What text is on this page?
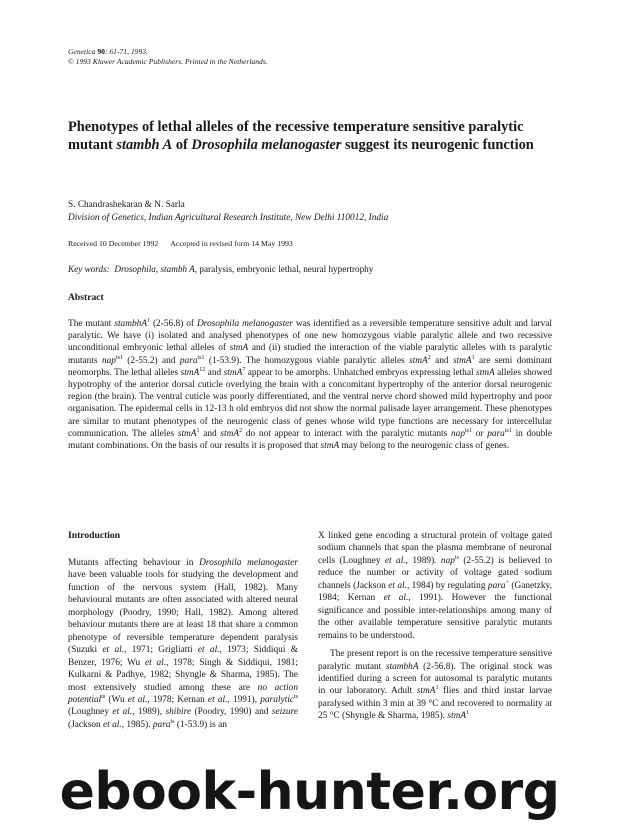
Genetica 90: 61-71, 1993.
© 1993 Kluwer Academic Publishers. Printed in the Netherlands.
Phenotypes of lethal alleles of the recessive temperature sensitive paralytic mutant stambh A of Drosophila melanogaster suggest its neurogenic function
S. Chandrashekaran & N. Sarla
Division of Genetics, Indian Agricultural Research Institute, New Delhi 110012, India
Received 10 December 1992 Accepted in revised form 14 May 1993
Key words: Drosophila, stambh A, paralysis, embryonic lethal, neural hypertrophy
Abstract
The mutant stambhA$^1$ (2-56.8) of Drosophila melanogaster was identified as a reversible temperature sensitive adult and larval paralytic. We have (i) isolated and analysed phenotypes of one new homozygous viable paralytic allele and two recessive unconditional embryonic lethal alleles of stmA and (ii) studied the interaction of the viable paralytic alleles with ts paralytic mutants nap$^{ts1}$ (2-55.2) and para$^{ts1}$ (1-53.9). The homozygous viable paralytic alleles stmA$^2$ and stmA$^1$ are semi dominant neomorphs. The lethal alleles stmA$^{12}$ and stmA$^7$ appear to be amorphs. Unhatched embryos expressing lethal stmA alleles showed hypotrophy of the anterior dorsal cuticle overlying the brain with a concomitant hypertrophy of the anterior dorsal neurogenic region (the brain). The ventral cuticle was poorly differentiated, and the ventral nerve chord showed mild hypertrophy and poor organisation. The epidermal cells in 12-13 h old embryos did not show the normal palisade layer arrangement. These phenotypes are similar to mutant phenotypes of the neurogenic class of genes whose wild type functions are necessary for intercellular communication. The alleles stmA$^1$ and stmA$^2$ do not appear to interact with the paralytic mutants nap$^{ts1}$ or para$^{ts1}$ in double mutant combinations. On the basis of our results it is proposed that stmA may belong to the neurogenic class of genes.
Introduction

Mutants affecting behaviour in Drosophila melanogaster have been valuable tools for studying the development and function of the nervous system (Hall, 1982). Many behavioural mutants are often associated with altered neural morphology (Poodry, 1990; Hall, 1982). Among altered behaviour mutants there are at least 18 that share a common phenotype of reversible temperature dependent paralysis (Suzuki et al., 1971; Grigliatti et al., 1973; Siddiqui & Benzer, 1976; Wu et al., 1978; Singh & Siddiqui, 1981; Kulkarni & Padhye, 1982; Shyngle & Sharma, 1985). The most extensively studied among these are no action potential$^{ts}$ (Wu et al., 1978; Kernan et al., 1991), paralytic$^{ts}$ (Loughney et al., 1989), shibire (Poodry, 1990) and seizure (Jackson et al., 1985). para$^{ts}$ (1-53.9) is an

X linked gene encoding a structural protein of voltage gated sodium channels that span the plasma membrane of neuronal cells (Loughney et al., 1989). nap$^{ts}$ (2-55.2) is believed to reduce the number or activity of voltage gated sodium channels (Jackson et al., 1984) by regulating para+ (Ganetzky, 1984; Kernan et al., 1991). However the functional significance and possible inter-relationships among many of the other available temperature sensitive paralytic mutants remains to be understood.

The present report is on the recessive temperature sensitive paralytic mutant stambhA (2-56.8). The original stock was identified during a screen for autosomal ts paralytic mutants in our laboratory. Adult stmA$^1$ flies and third instar larvae paralysed within 3 min at 39 °C and recovered to normality at 25 °C (Shyngle & Sharma, 1985). stmA$^1$

ebook-hunter.org
